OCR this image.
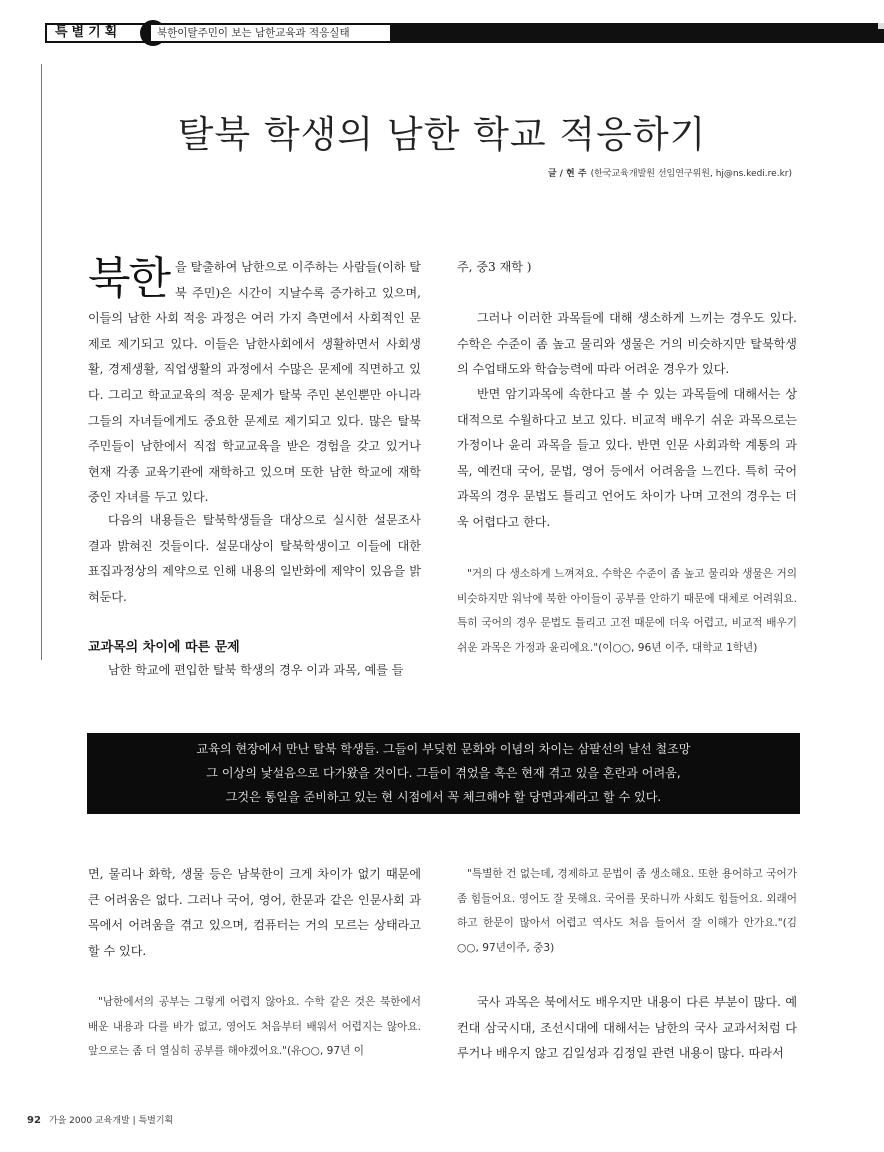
특별기획	북한이탈주민이 보는 남한교육과 적응실태
탈북 학생의 남한 학교 적응하기
글 / 현 주 (한국교육개발원 선임연구위원, hj@ns.kedi.re.kr)
북한 을 탈출하여 남한으로 이주하는 사람들(이하 탈북 주민)은 시간이 지날수록 증가하고 있으며, 이들의 남한 사회 적응 과정은 여러 가지 측면에서 사회적인 문제로 제기되고 있다. 이들은 남한사회에서 생활하면서 사회생활, 경제생활, 직업생활의 과정에서 수많은 문제에 직면하고 있다. 그리고 학교교육의 적응 문제가 탈북 주민 본인뿐만 아니라 그들의 자녀들에게도 중요한 문제로 제기되고 있다. 많은 탈북 주민들이 남한에서 직접 학교교육을 받은 경험을 갖고 있거나 현재 각종 교육기관에 재학하고 있으며 또한 남한 학교에 재학중인 자녀를 두고 있다.
다음의 내용들은 탈북학생들을 대상으로 실시한 설문조사 결과 밝혀진 것들이다. 설문대상이 탈북학생이고 이들에 대한 표집과정상의 제약으로 인해 내용의 일반화에 제약이 있음을 밝혀둔다.
교과목의 차이에 따른 문제
남한 학교에 편입한 탈북 학생의 경우 이과 과목, 예를 들
주, 중3 재학 )
그러나 이러한 과목들에 대해 생소하게 느끼는 경우도 있다. 수학은 수준이 좀 높고 물리와 생물은 거의 비슷하지만 탈북학생의 수업태도와 학습능력에 따라 어려운 경우가 있다.
반면 암기과목에 속한다고 볼 수 있는 과목들에 대해서는 상대적으로 수월하다고 보고 있다. 비교적 배우기 쉬운 과목으로는 가정이나 윤리 과목을 들고 있다. 반면 인문 사회과학 계통의 과목, 예컨대 국어, 문법, 영어 등에서 어려움을 느낀다. 특히 국어 과목의 경우 문법도 틀리고 언어도 차이가 나며 고전의 경우는 더욱 어렵다고 한다.
"거의 다 생소하게 느껴져요. 수학은 수준이 좀 높고 물리와 생물은 거의 비슷하지만 워낙에 북한 아이들이 공부를 안하기 때문에 대체로 어려워요. 특히 국어의 경우 문법도 틀리고 고전 때문에 더욱 어렵고, 비교적 배우기 쉬운 과목은 가정과 윤리에요."(이○○, 96년 이주, 대학교 1학년)
교육의 현장에서 만난 탈북 학생들. 그들이 부딪힌 문화와 이념의 차이는 삼팔선의 날선 철조망
그 이상의 낯설음으로 다가왔을 것이다. 그들이 겪었을 혹은 현재 겪고 있을 혼란과 어려움,
그것은 통일을 준비하고 있는 현 시점에서 꼭 체크해야 할 당면과제라고 할 수 있다.
면, 물리나 화학, 생물 등은 남북한이 크게 차이가 없기 때문에 큰 어려움은 없다. 그러나 국어, 영어, 한문과 같은 인문사회 과목에서 어려움을 겪고 있으며, 컴퓨터는 거의 모르는 상태라고 할 수 있다.
"남한에서의 공부는 그렇게 어렵지 않아요. 수학 같은 것은 북한에서 배운 내용과 다를 바가 없고, 영어도 처음부터 배워서 어렵지는 않아요. 앞으로는 좀 더 열심히 공부를 해야겠어요."(유○○, 97년 이
"특별한 건 없는데, 경제하고 문법이 좀 생소해요. 또한 용어하고 국어가 좀 힘들어요. 영어도 잘 못해요. 국어를 못하니까 사회도 힘들어요. 외래어하고 한문이 많아서 어렵고 역사도 처음 들어서 잘 이해가 안가요."(김○○, 97년이주, 중3)
국사 과목은 북에서도 배우지만 내용이 다른 부분이 많다. 예컨대 삼국시대, 조선시대에 대해서는 남한의 국사 교과서처럼 다루거나 배우지 않고 김일성과 김정일 관련 내용이 많다. 따라서
92 가을 2000 교육개발 | 특별기획
